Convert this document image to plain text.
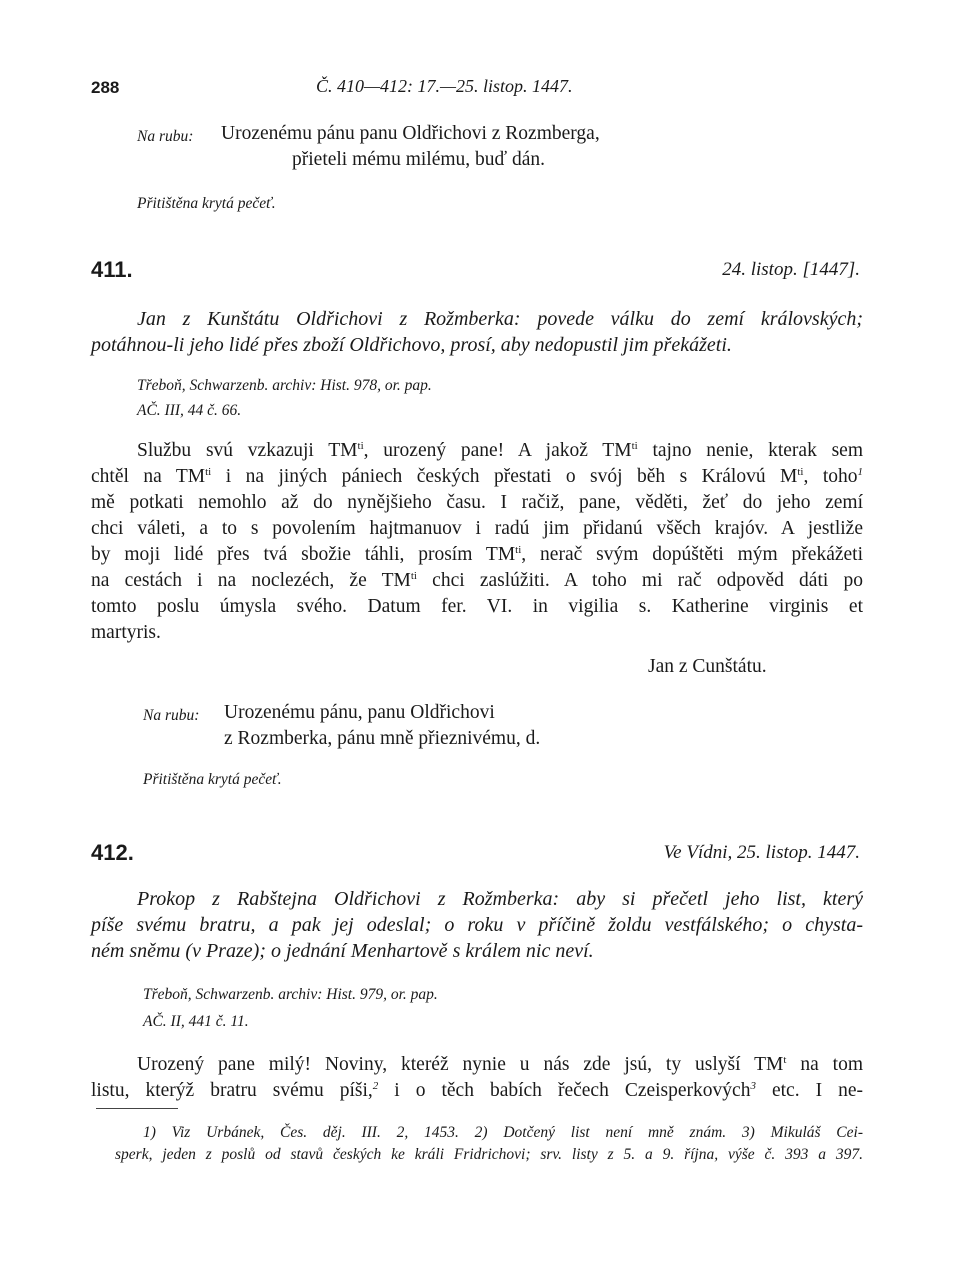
288	Č. 410—412: 17.—25. listop. 1447.
Na rubu: Urozenému pánu panu Oldřichovi z Rozmberga,
přieteli mému milému, buď dán.
Přitištěna krytá pečeť.
411.	24. listop. [1447].
Jan z Kunštátu Oldřichovi z Rožmberka: povede válku do zemí královských;
potáhnou-li jeho lidé přes zboží Oldřichovo, prosí, aby nedopustil jim překážeti.
Třeboň, Schwarzenb. archiv: Hist. 978, or. pap.
AČ. III, 44 č. 66.
Službu svú vzkazuji $TM^{ti}$, urozený pane! A jakož $TM^{ti}$ tajno nenie, kterak sem
chtěl na $TM^{ti}$ i na jiných pániech českých přestati o svój běh s Královú $M^{ti}$, toho$^1$
mě potkati nemohlo až do nynějšieho času. I račiž, pane, věděti, žeť do jeho zemí
chci váleti, a to s povolením hajtmanuov i radú jim přidanú všěch krajóv. A jestliže
by moji lidé přes tvá sbožie táhli, prosím $TM^{ti}$, nerač svým dopúštěti mým překážeti
na cestách i na noclezéch, že $TM^{ti}$ chci zaslúžiti. A toho mi rač odpověd dáti po
tomto poslu úmysla svého. Datum fer. VI. in vigilia s. Katherine virginis et
martyris.
Jan z Cunštátu.
Na rubu: Urozenému pánu, panu Oldřichovi
z Rozmberka, pánu mně přieznivému, d.
Přitištěna krytá pečeť.
412.	Ve Vídni, 25. listop. 1447.
Prokop z Rabštejna Oldřichovi z Rožmberka: aby si přečetl jeho list, který
píše svému bratru, a pak jej odeslal; o roku v příčině žoldu vestfálského; o chysta-
ném sněmu (v Praze); o jednání Menhartově s králem nic neví.
Třeboň, Schwarzenb. archiv: Hist. 979, or. pap.
AČ. II, 441 č. 11.
Urozený pane milý! Noviny, kteréž nynie u nás zde jsú, ty uslyší $TM^t$ na tom
listu, kterýž bratru svému píši,$^2$ i o těch babích řečech Czeisperkových$^3$ etc. I ne-
1) Viz Urbánek, Čes. děj. III. 2, 1453. 2) Dotčený list není mně znám. 3) Mikuláš Cei-
sperk, jeden z poslů od stavů českých ke králi Fridrichovi; srv. listy z 5. a 9. října, výše č. 393 a 397.
